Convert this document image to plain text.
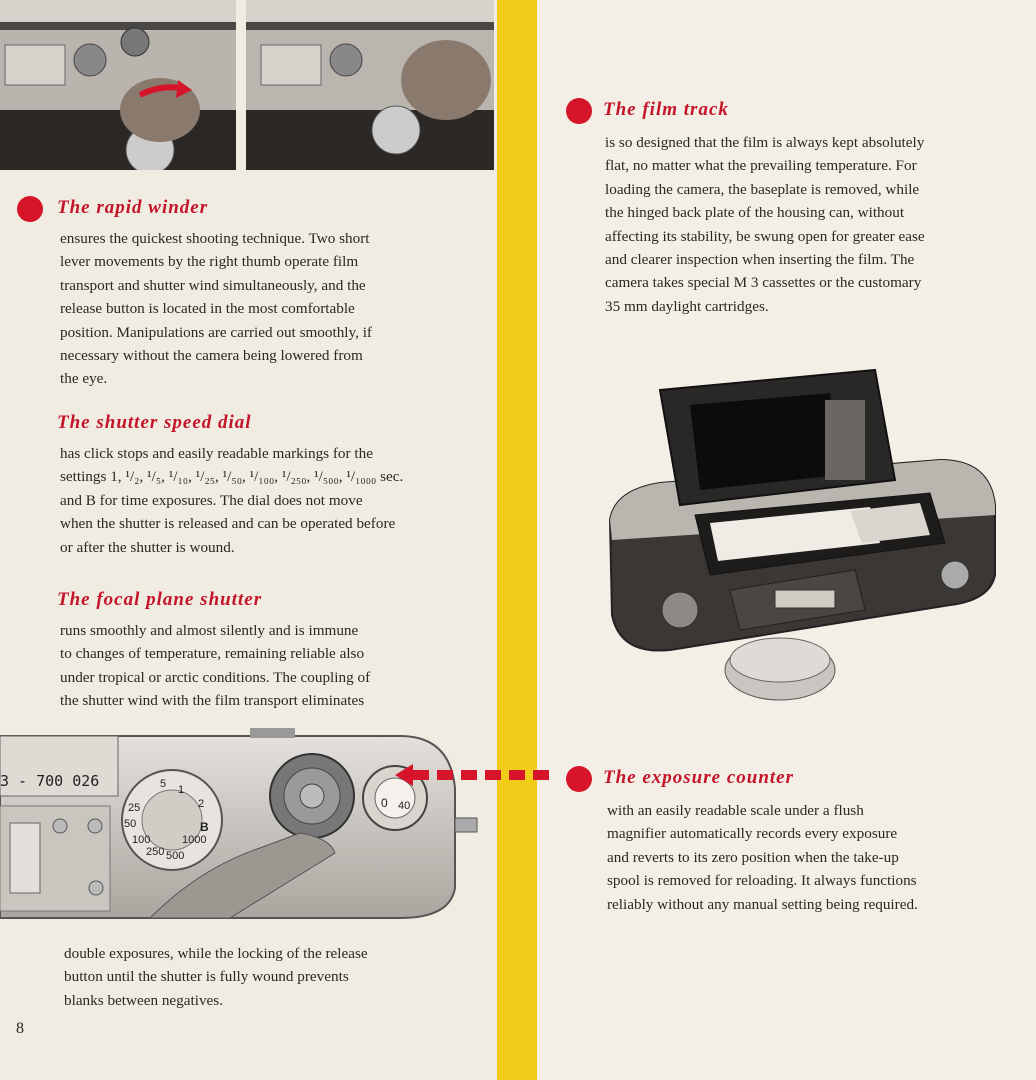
The rapid winder
ensures the quickest shooting technique. Two short
lever movements by the right thumb operate film
transport and shutter wind simultaneously, and the
release button is located in the most comfortable
position. Manipulations are carried out smoothly, if
necessary without the camera being lowered from
the eye.
The shutter speed dial
has click stops and easily readable markings for the
settings 1, ¹/₂, ¹/₅, ¹/₁₀, ¹/₂₅, ¹/₅₀, ¹/₁₀₀, ¹/₂₅₀, ¹/₅₀₀, ¹/₁₀₀₀ sec.
and B for time exposures. The dial does not move
when the shutter is released and can be operated before
or after the shutter is wound.
The focal plane shutter
runs smoothly and almost silently and is immune
to changes of temperature, remaining reliable also
under tropical or arctic conditions. The coupling of
the shutter wind with the film transport eliminates
3 - 700 026
25
50
100
250 500
1000
B
1
2
5
0 40
double exposures, while the locking of the release
button until the shutter is fully wound prevents
blanks between negatives.
8
The film track
is so designed that the film is always kept absolutely
flat, no matter what the prevailing temperature. For
loading the camera, the baseplate is removed, while
the hinged back plate of the housing can, without
affecting its stability, be swung open for greater ease
and clearer inspection when inserting the film. The
camera takes special M 3 cassettes or the customary
35 mm daylight cartridges.
The exposure counter
with an easily readable scale under a flush
magnifier automatically records every exposure
and reverts to its zero position when the take-up
spool is removed for reloading. It always functions
reliably without any manual setting being required.
